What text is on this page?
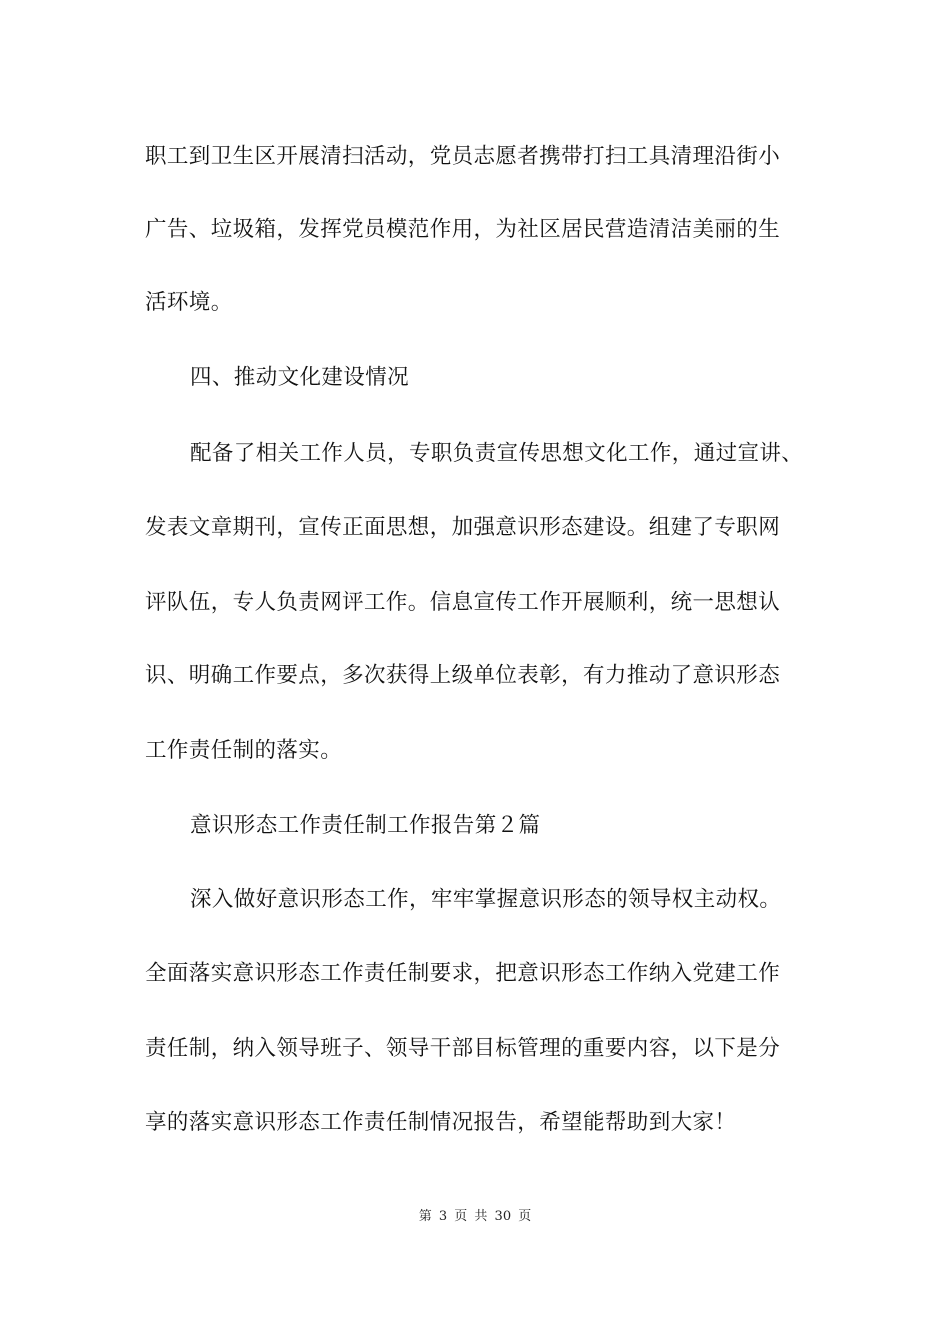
职工到卫生区开展清扫活动，党员志愿者携带打扫工具清理沿街小
广告、垃圾箱，发挥党员模范作用，为社区居民营造清洁美丽的生
活环境。
四、推动文化建设情况
配备了相关工作人员，专职负责宣传思想文化工作，通过宣讲、
发表文章期刊，宣传正面思想，加强意识形态建设。组建了专职网
评队伍，专人负责网评工作。信息宣传工作开展顺利，统一思想认
识、明确工作要点，多次获得上级单位表彰，有力推动了意识形态
工作责任制的落实。
意识形态工作责任制工作报告第２篇
深入做好意识形态工作，牢牢掌握意识形态的领导权主动权。
全面落实意识形态工作责任制要求，把意识形态工作纳入党建工作
责任制，纳入领导班子、领导干部目标管理的重要内容，以下是分
享的落实意识形态工作责任制情况报告，希望能帮助到大家！
第 3 页 共 30 页
